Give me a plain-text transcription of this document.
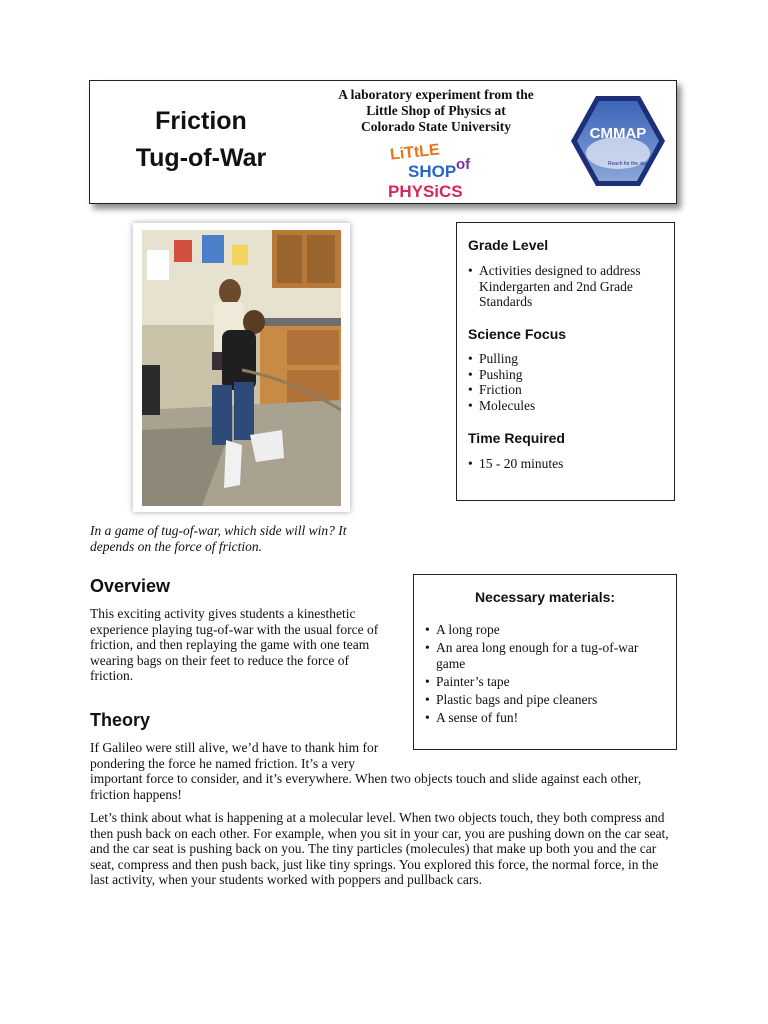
Friction
Tug-of-War
A laboratory experiment from the
Little Shop of Physics at
Colorado State University
LiTtLE
SHOP of
PHYSiCS
CMMAP
Reach for the sky.
In a game of tug-of-war, which side will win? It depends on the force of friction.
Grade Level
• Activities designed to address Kindergarten and 2nd Grade Standards
Science Focus
• Pulling
• Pushing
• Friction
• Molecules
Time Required
• 15 - 20 minutes
Overview

This exciting activity gives students a kinesthetic experience playing tug-of-war with the usual force of friction, and then replaying the game with one team wearing bags on their feet to reduce the force of friction.

Necessary materials:
• A long rope
• An area long enough for a tug-of-war game
• Painter’s tape
• Plastic bags and pipe cleaners
• A sense of fun!
Theory

If Galileo were still alive, we’d have to thank him for pondering the force he named friction. It’s a very

important force to consider, and it’s everywhere. When two objects touch and slide against each other, friction happens!

Let’s think about what is happening at a molecular level. When two objects touch, they both compress and then push back on each other. For example, when you sit in your car, you are pushing down on the car seat, and the car seat is pushing back on you. The tiny particles (molecules) that make up both you and the car seat, compress and then push back, just like tiny springs. You explored this force, the normal force, in the last activity, when your students worked with poppers and pullback cars.
